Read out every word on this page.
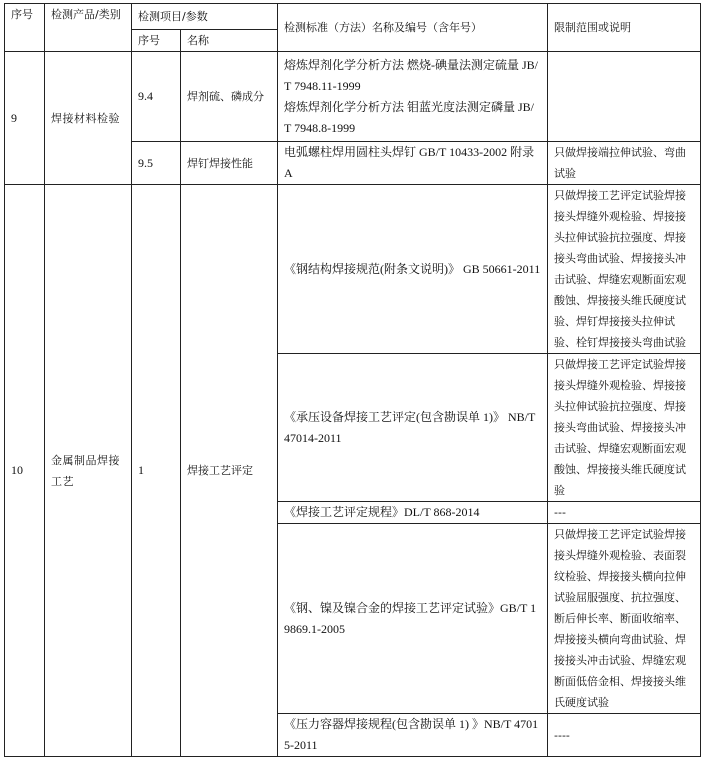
序号	检测产品/类别	检测项目/参数		检测标准（方法）名称及编号（含年号）	限制范围或说明
		序号	名称		
9	焊接材料检验	9.4	焊剂硫、磷成分	熔炼焊剂化学分析方法 燃烧-碘量法测定硫量 JB/T 7948.11-1999
熔炼焊剂化学分析方法 钼蓝光度法测定磷量 JB/T 7948.8-1999	

		9.5	焊钉焊接性能	电弧螺柱焊用圆柱头焊钉 GB/T 10433-2002 附录 A	只做焊接端拉伸试验、弯曲试验
10	金属制品焊接工艺	1	焊接工艺评定	《钢结构焊接规范(附条文说明)》 GB 50661-2011	只做焊接工艺评定试验焊接接头焊缝外观检验、焊接接头拉伸试验抗拉强度、焊接接头弯曲试验、焊接接头冲击试验、焊缝宏观断面宏观酸蚀、焊接接头维氏硬度试验、焊钉焊接接头拉伸试验、栓钉焊接接头弯曲试验
				《承压设备焊接工艺评定(包含勘误单 1)》 NB/T 47014-2011	只做焊接工艺评定试验焊接接头焊缝外观检验、焊接接头拉伸试验抗拉强度、焊接接头弯曲试验、焊接接头冲击试验、焊缝宏观断面宏观酸蚀、焊接接头维氏硬度试验
				《焊接工艺评定规程》DL/T 868-2014	---
				《钢、镍及镍合金的焊接工艺评定试验》GB/T 19869.1-2005	只做焊接工艺评定试验焊接接头焊缝外观检验、表面裂纹检验、焊接接头横向拉伸试验屈服强度、抗拉强度、断后伸长率、断面收缩率、焊接接头横向弯曲试验、焊接接头冲击试验、焊缝宏观断面低倍金相、焊接接头维氏硬度试验
				《压力容器焊接规程(包含勘误单 1) 》NB/T 47015-2011	----
